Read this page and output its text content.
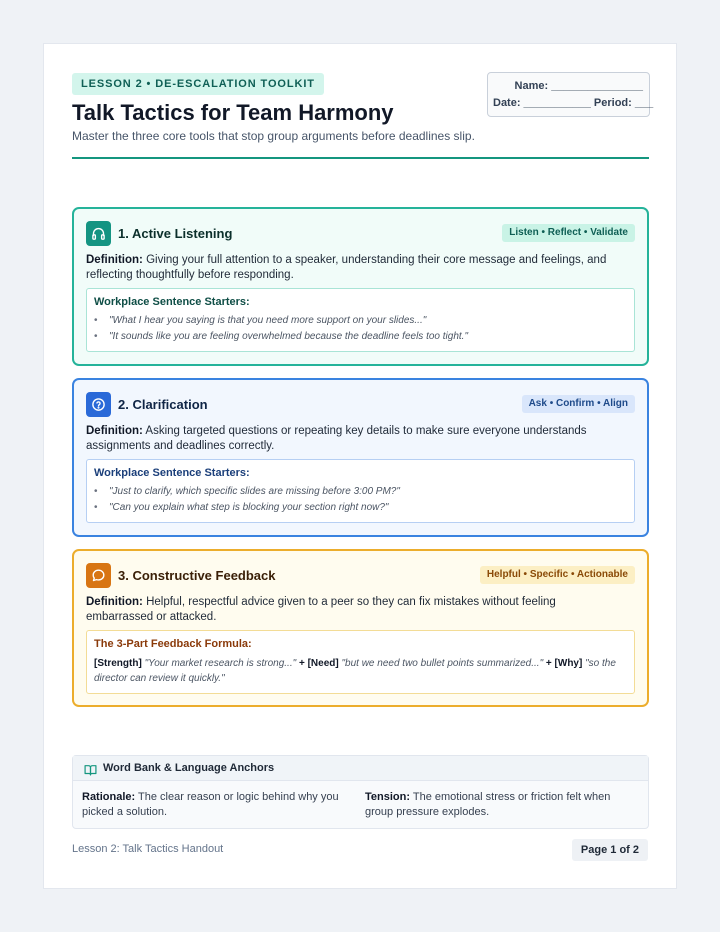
LESSON 2 • DE-ESCALATION TOOLKIT	Name: _______________
Date: ___________ Period: ___
Talk Tactics for Team Harmony
Master the three core tools that stop group arguments before deadlines slip.
1. Active Listening	Listen • Reflect • Validate
Definition: Giving your full attention to a speaker, understanding their core message and feelings, and reflecting thoughtfully before responding.
Workplace Sentence Starters:
• "What I hear you saying is that you need more support on your slides..."
• "It sounds like you are feeling overwhelmed because the deadline feels too tight."
2. Clarification	Ask • Confirm • Align
Definition: Asking targeted questions or repeating key details to make sure everyone understands assignments and deadlines correctly.
Workplace Sentence Starters:
• "Just to clarify, which specific slides are missing before 3:00 PM?"
• "Can you explain what step is blocking your section right now?"
3. Constructive Feedback	Helpful • Specific • Actionable
Definition: Helpful, respectful advice given to a peer so they can fix mistakes without feeling embarrassed or attacked.
The 3-Part Feedback Formula:
[Strength] "Your market research is strong..." + [Need] "but we need two bullet points summarized..." + [Why] "so the director can review it quickly."
Word Bank & Language Anchors
Rationale: The clear reason or logic behind why you picked a solution.
Tension: The emotional stress or friction felt when group pressure explodes.
Lesson 2: Talk Tactics Handout	Page 1 of 2
